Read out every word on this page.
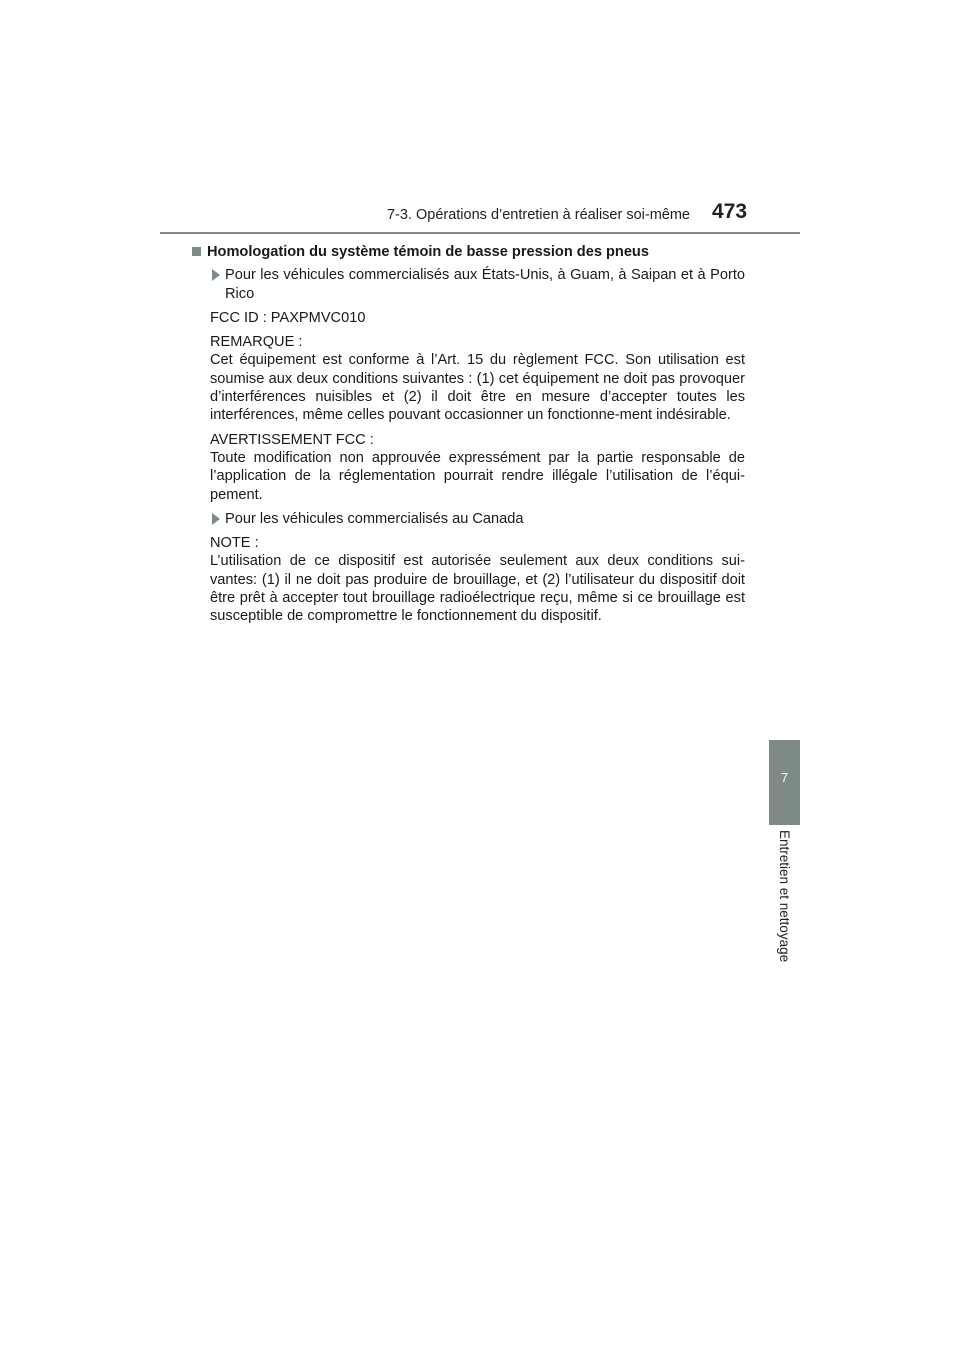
7-3. Opérations d’entretien à réaliser soi-même 473
7
Entretien et nettoyage
Homologation du système témoin de basse pression des pneus
Pour les véhicules commercialisés aux États-Unis, à Guam, à Saipan et à Porto Rico
FCC ID : PAXPMVC010
REMARQUE :
Cet équipement est conforme à l’Art. 15 du règlement FCC. Son utilisation est soumise aux deux conditions suivantes : (1) cet équipement ne doit pas provoquer d’interférences nuisibles et (2) il doit être en mesure d’accepter toutes les interférences, même celles pouvant occasionner un fonctionne-ment indésirable.
AVERTISSEMENT FCC :
Toute modification non approuvée expressément par la partie responsable de l’application de la réglementation pourrait rendre illégale l’utilisation de l’équi-pement.
Pour les véhicules commercialisés au Canada
NOTE :
L’utilisation de ce dispositif est autorisée seulement aux deux conditions sui-vantes: (1) il ne doit pas produire de brouillage, et (2) l’utilisateur du dispositif doit être prêt à accepter tout brouillage radioélectrique reçu, même si ce brouillage est susceptible de compromettre le fonctionnement du dispositif.
